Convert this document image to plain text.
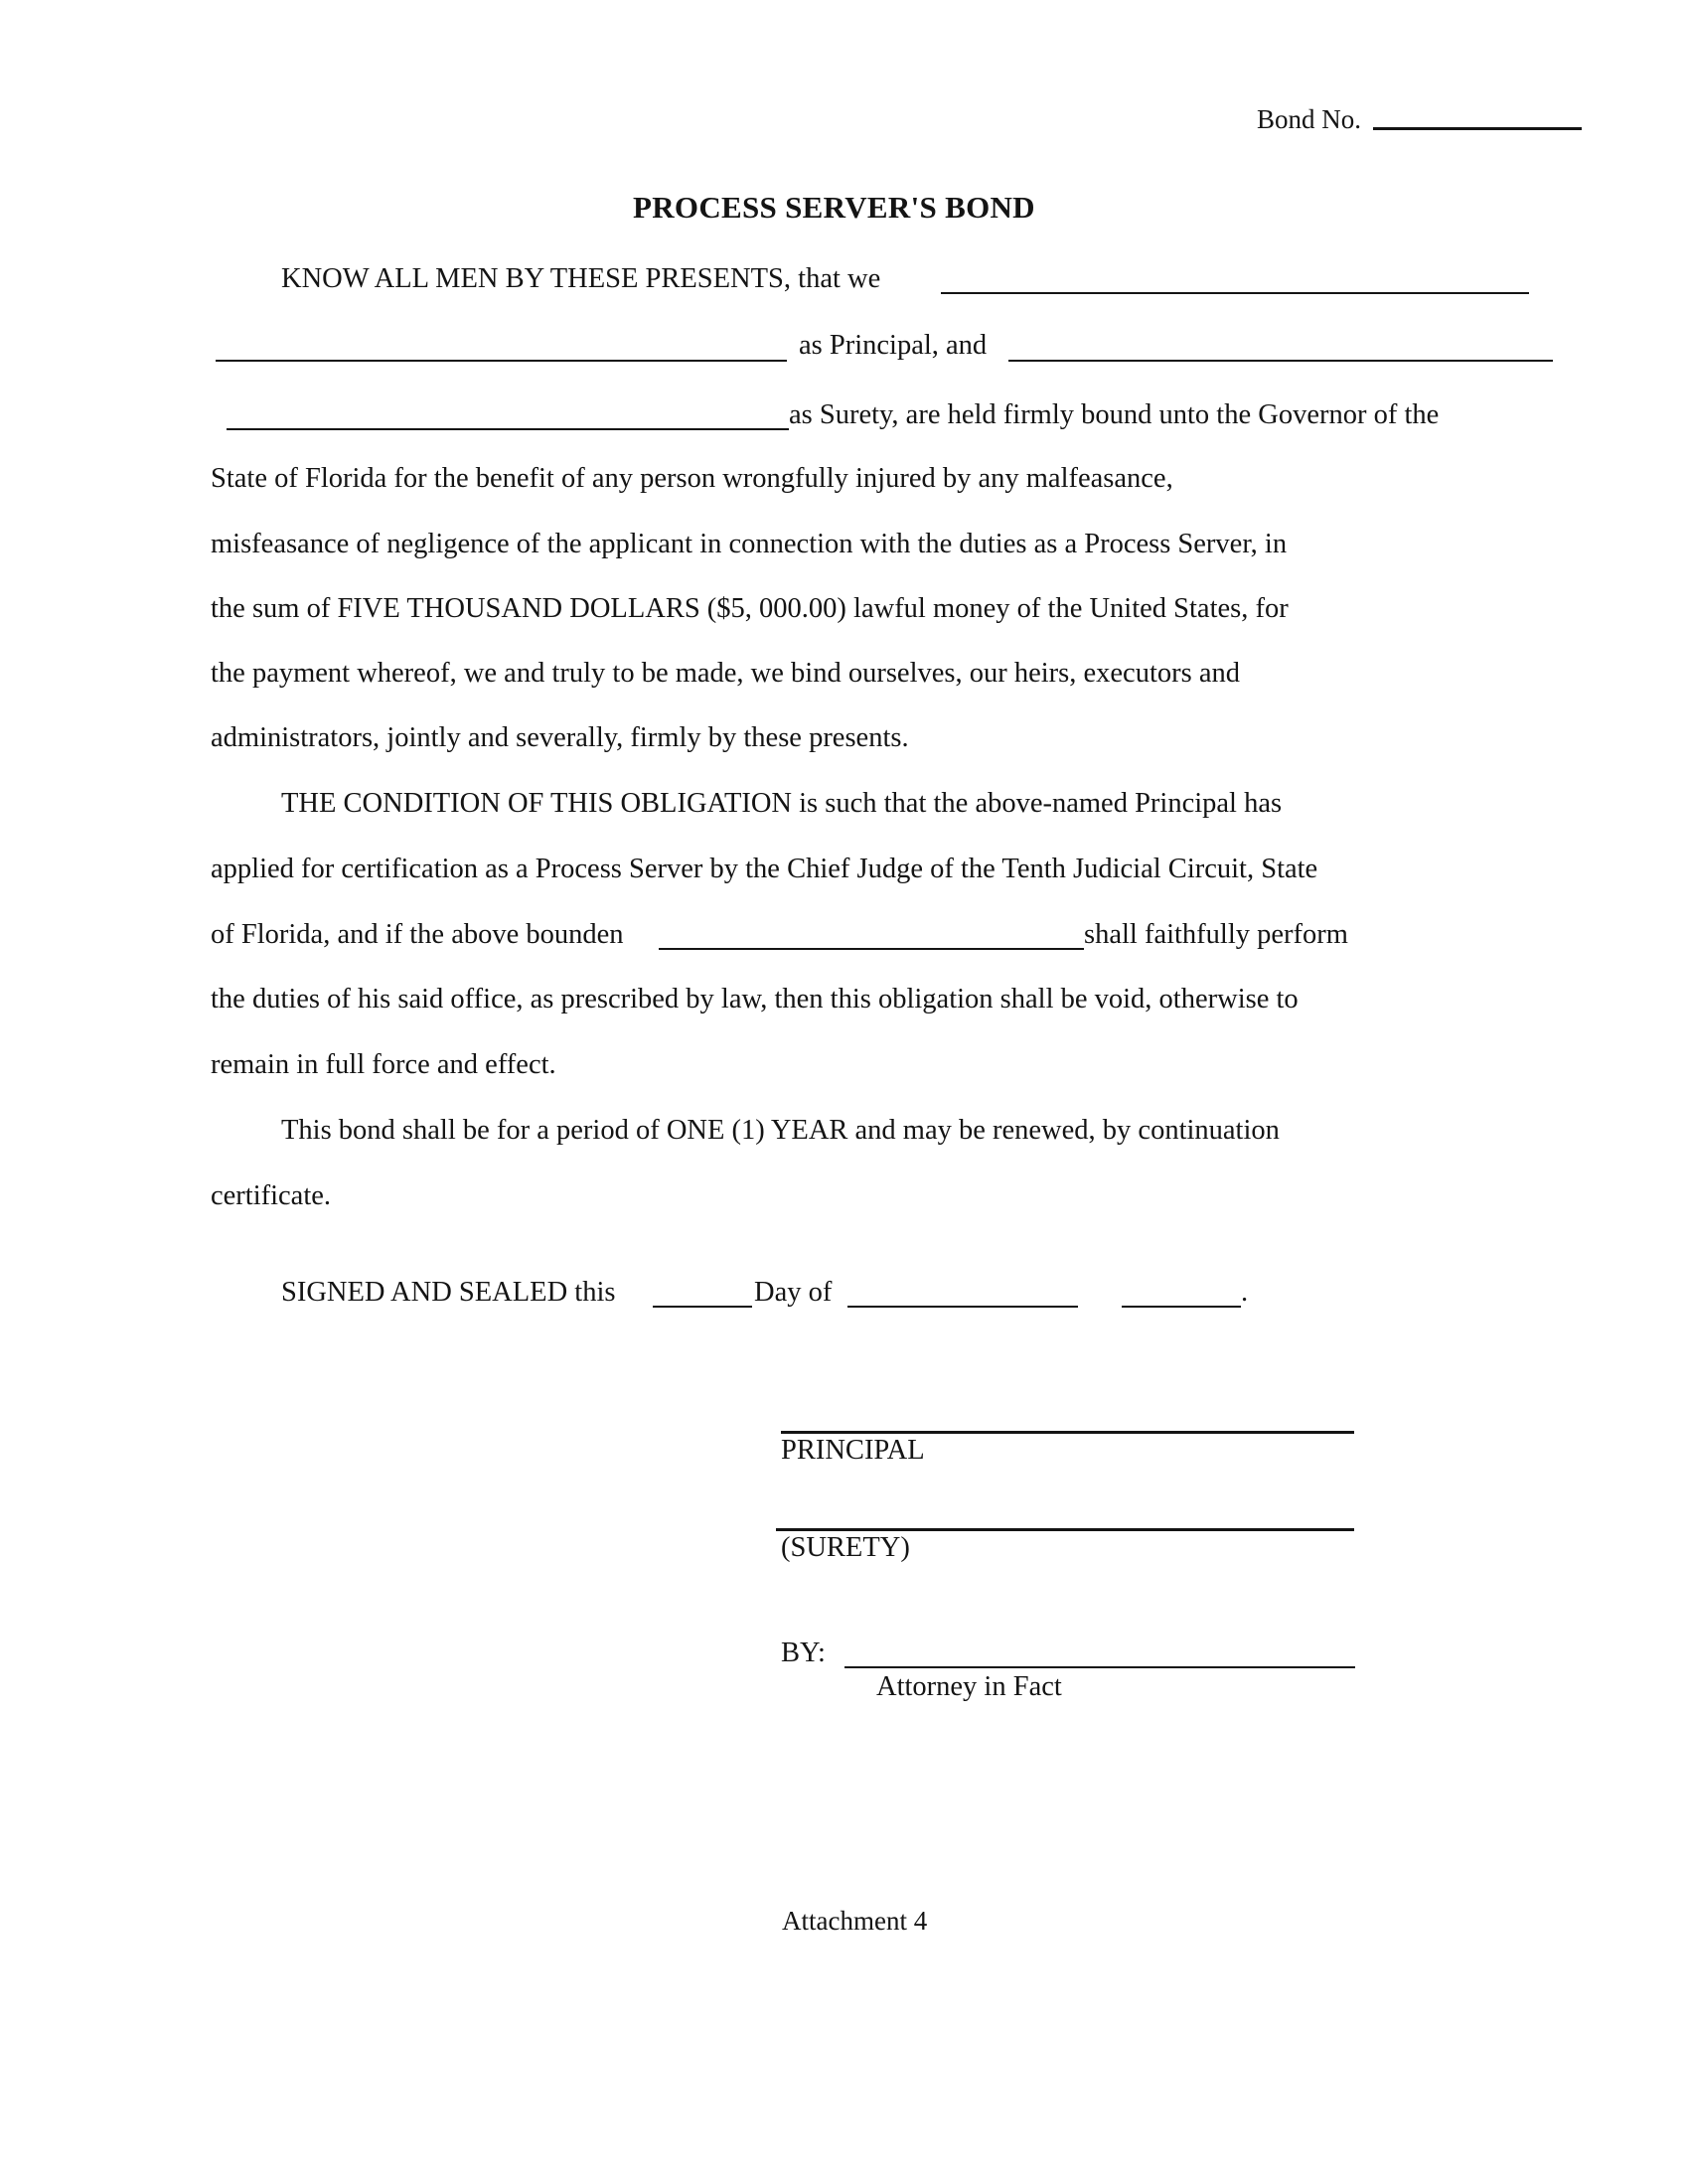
Bond No.
PROCESS SERVER'S BOND
KNOW ALL MEN BY THESE PRESENTS, that we
as Principal, and
as Surety, are held firmly bound unto the Governor of the
State of Florida for the benefit of any person wrongfully injured by any malfeasance,
misfeasance of negligence of the applicant in connection with the duties as a Process Server, in
the sum of FIVE THOUSAND DOLLARS ($5, 000.00) lawful money of the United States, for
the payment whereof, we and truly to be made, we bind ourselves, our heirs, executors and
administrators, jointly and severally, firmly by these presents.
THE CONDITION OF THIS OBLIGATION is such that the above-named Principal has
applied for certification as a Process Server by the Chief Judge of the Tenth Judicial Circuit, State
of Florida, and if the above bounden	shall faithfully perform
the duties of his said office, as prescribed by law, then this obligation shall be void, otherwise to
remain in full force and effect.
This bond shall be for a period of ONE (1) YEAR and may be renewed, by continuation
certificate.
SIGNED AND SEALED this	Day of	.
PRINCIPAL
(SURETY)
BY:
Attorney in Fact
Attachment 4
